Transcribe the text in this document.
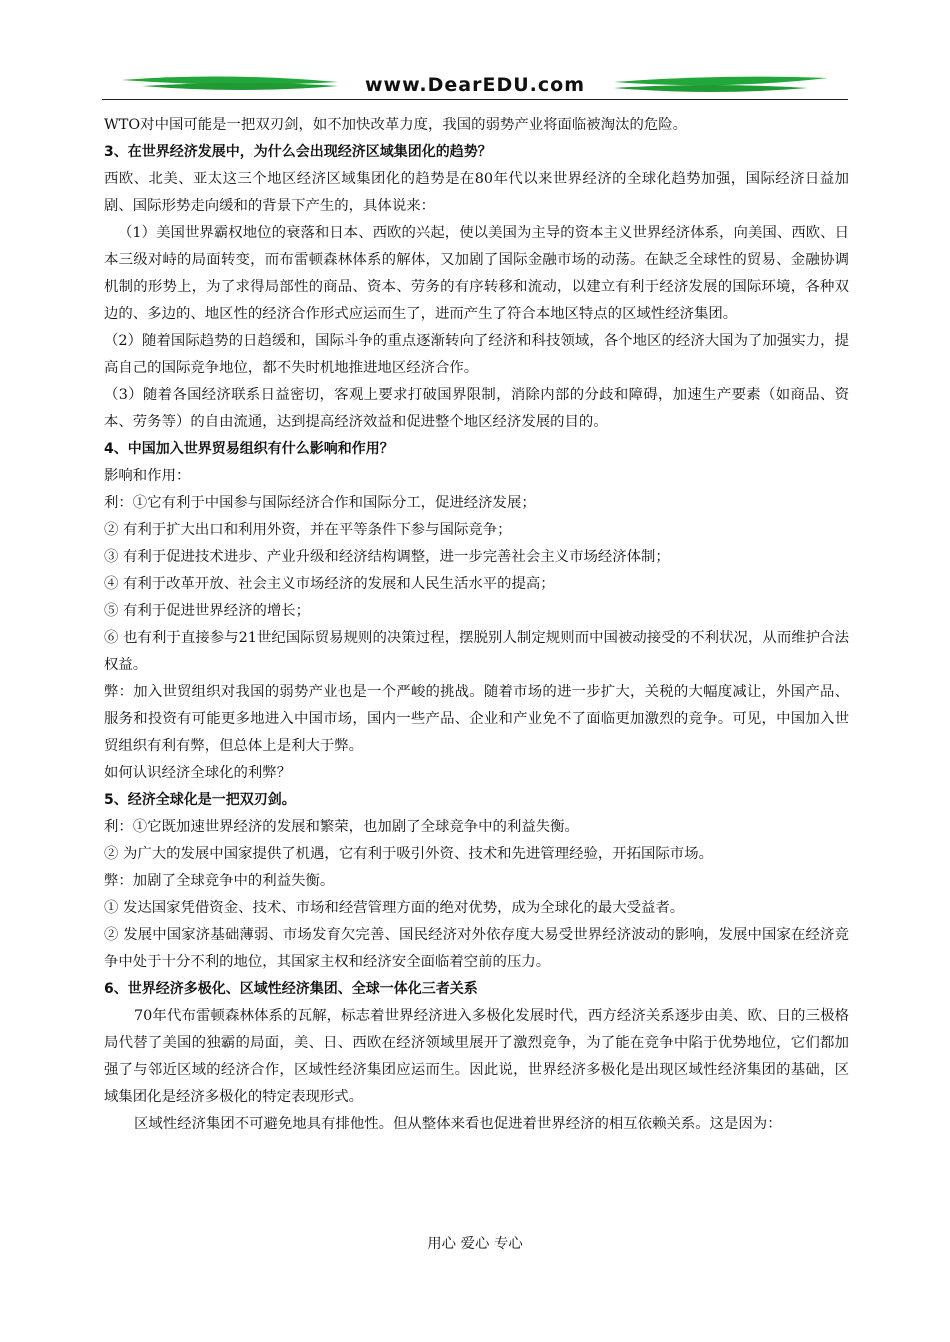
www.DearEDU.com

WTO对中国可能是一把双刃剑，如不加快改革力度，我国的弱势产业将面临被淘汰的危险。

3、在世界经济发展中，为什么会出现经济区域集团化的趋势？

西欧、北美、亚太这三个地区经济区域集团化的趋势是在80年代以来世界经济的全球化趋势加强，国际经济日益加剧、国际形势走向缓和的背景下产生的，具体说来：

（1）美国世界霸权地位的衰落和日本、西欧的兴起，使以美国为主导的资本主义世界经济体系，向美国、西欧、日本三级对峙的局面转变，而布雷顿森林体系的解体，又加剧了国际金融市场的动荡。在缺乏全球性的贸易、金融协调机制的形势上，为了求得局部性的商品、资本、劳务的有序转移和流动，以建立有利于经济发展的国际环境，各种双边的、多边的、地区性的经济合作形式应运而生了，进而产生了符合本地区特点的区域性经济集团。

（2）随着国际趋势的日趋缓和，国际斗争的重点逐渐转向了经济和科技领域，各个地区的经济大国为了加强实力，提高自己的国际竞争地位，都不失时机地推进地区经济合作。

（3）随着各国经济联系日益密切，客观上要求打破国界限制，消除内部的分歧和障碍，加速生产要素（如商品、资本、劳务等）的自由流通，达到提高经济效益和促进整个地区经济发展的目的。

4、中国加入世界贸易组织有什么影响和作用？

影响和作用：

利：①它有利于中国参与国际经济合作和国际分工，促进经济发展；

② 有利于扩大出口和利用外资，并在平等条件下参与国际竞争；

③ 有利于促进技术进步、产业升级和经济结构调整，进一步完善社会主义市场经济体制；

④ 有利于改革开放、社会主义市场经济的发展和人民生活水平的提高；

⑤ 有利于促进世界经济的增长；

⑥ 也有利于直接参与21世纪国际贸易规则的决策过程，摆脱别人制定规则而中国被动接受的不利状况，从而维护合法权益。

弊：加入世贸组织对我国的弱势产业也是一个严峻的挑战。随着市场的进一步扩大，关税的大幅度减让，外国产品、服务和投资有可能更多地进入中国市场，国内一些产品、企业和产业免不了面临更加激烈的竞争。可见，中国加入世贸组织有利有弊，但总体上是利大于弊。

如何认识经济全球化的利弊？

5、经济全球化是一把双刃剑。

利：①它既加速世界经济的发展和繁荣，也加剧了全球竞争中的利益失衡。

② 为广大的发展中国家提供了机遇，它有利于吸引外资、技术和先进管理经验，开拓国际市场。

弊：加剧了全球竞争中的利益失衡。

① 发达国家凭借资金、技术、市场和经营管理方面的绝对优势，成为全球化的最大受益者。

② 发展中国家济基础薄弱、市场发育欠完善、国民经济对外依存度大易受世界经济波动的影响，发展中国家在经济竞争中处于十分不利的地位，其国家主权和经济安全面临着空前的压力。

6、世界经济多极化、区域性经济集团、全球一体化三者关系

70年代布雷顿森林体系的瓦解，标志着世界经济进入多极化发展时代，西方经济关系逐步由美、欧、日的三极格局代替了美国的独霸的局面，美、日、西欧在经济领域里展开了激烈竞争，为了能在竞争中陷于优势地位，它们都加强了与邻近区域的经济合作，区域性经济集团应运而生。因此说，世界经济多极化是出现区域性经济集团的基础，区域集团化是经济多极化的特定表现形式。

区域性经济集团不可避免地具有排他性。但从整体来看也促进着世界经济的相互依赖关系。这是因为：

用心 爱心 专心
